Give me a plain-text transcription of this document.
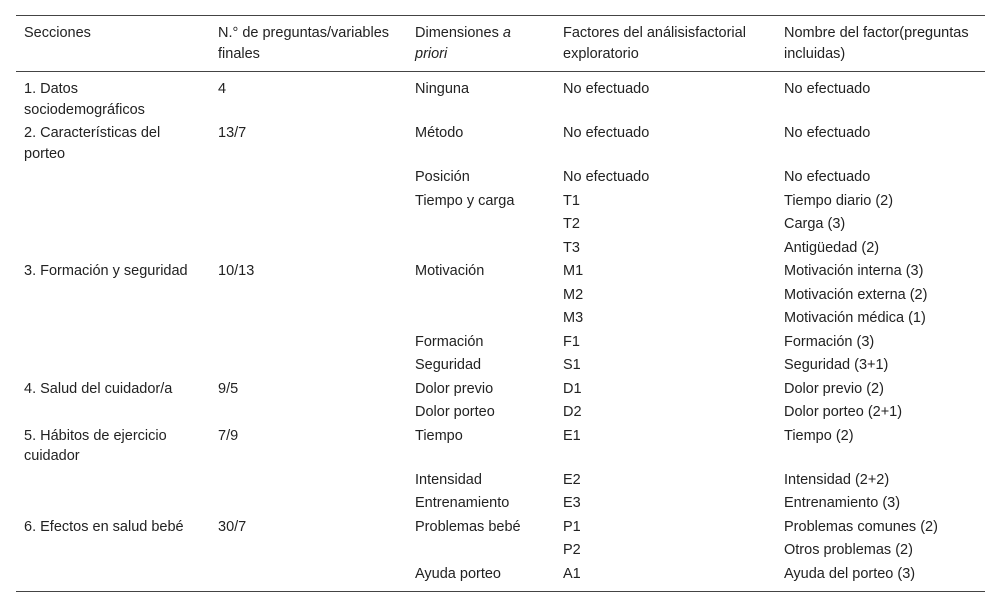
Secciones	N.° de preguntas/variables finales	Dimensiones a priori	Factores del análisisfactorial exploratorio	Nombre del factor(preguntas incluidas)
1. Datos sociodemográficos	4	Ninguna	No efectuado	No efectuado
2. Características del porteo	13/7	Método	No efectuado	No efectuado
		Posición	No efectuado	No efectuado
		Tiempo y carga	T1	Tiempo diario (2)
			T2	Carga (3)
			T3	Antigüedad (2)
3. Formación y seguridad	10/13	Motivación	M1	Motivación interna (3)
			M2	Motivación externa (2)
			M3	Motivación médica (1)
		Formación	F1	Formación (3)
		Seguridad	S1	Seguridad (3+1)
4. Salud del cuidador/a	9/5	Dolor previo	D1	Dolor previo (2)
		Dolor porteo	D2	Dolor porteo (2+1)
5. Hábitos de ejercicio cuidador	7/9	Tiempo	E1	Tiempo (2)
		Intensidad	E2	Intensidad (2+2)
		Entrenamiento	E3	Entrenamiento (3)
6. Efectos en salud bebé	30/7	Problemas bebé	P1	Problemas comunes (2)
			P2	Otros problemas (2)
		Ayuda porteo	A1	Ayuda del porteo (3)
